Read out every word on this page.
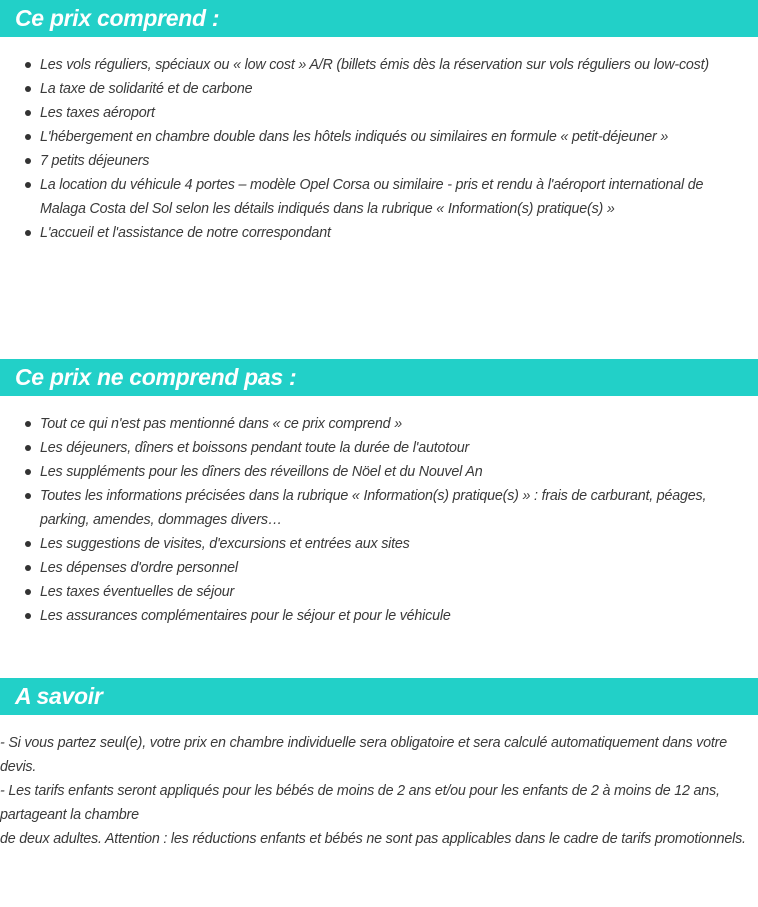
Ce prix comprend :
Les vols réguliers, spéciaux ou « low cost » A/R (billets émis dès la réservation sur vols réguliers ou low-cost)
La taxe de solidarité et de carbone
Les taxes aéroport
L'hébergement en chambre double dans les hôtels indiqués ou similaires en formule « petit-déjeuner »
7 petits déjeuners
La location du véhicule 4 portes – modèle Opel Corsa ou similaire - pris et rendu à l'aéroport international de Malaga Costa del Sol selon les détails indiqués dans la rubrique « Information(s) pratique(s) »
L'accueil et l'assistance de notre correspondant
Ce prix ne comprend pas :
Tout ce qui n'est pas mentionné dans « ce prix comprend »
Les déjeuners, dîners et boissons pendant toute la durée de l'autotour
Les suppléments pour les dîners des réveillons de Nöel et du Nouvel An
Toutes les informations précisées dans la rubrique « Information(s) pratique(s) » : frais de carburant, péages, parking, amendes, dommages divers…
Les suggestions de visites, d'excursions et entrées aux sites
Les dépenses d'ordre personnel
Les taxes éventuelles de séjour
Les assurances complémentaires pour le séjour et pour le véhicule
A savoir
- Si vous partez seul(e), votre prix en chambre individuelle sera obligatoire et sera calculé automatiquement dans votre devis.
- Les tarifs enfants seront appliqués pour les bébés de moins de 2 ans et/ou pour les enfants de 2 à moins de 12 ans, partageant la chambre
de deux adultes. Attention : les réductions enfants et bébés ne sont pas applicables dans le cadre de tarifs promotionnels.
